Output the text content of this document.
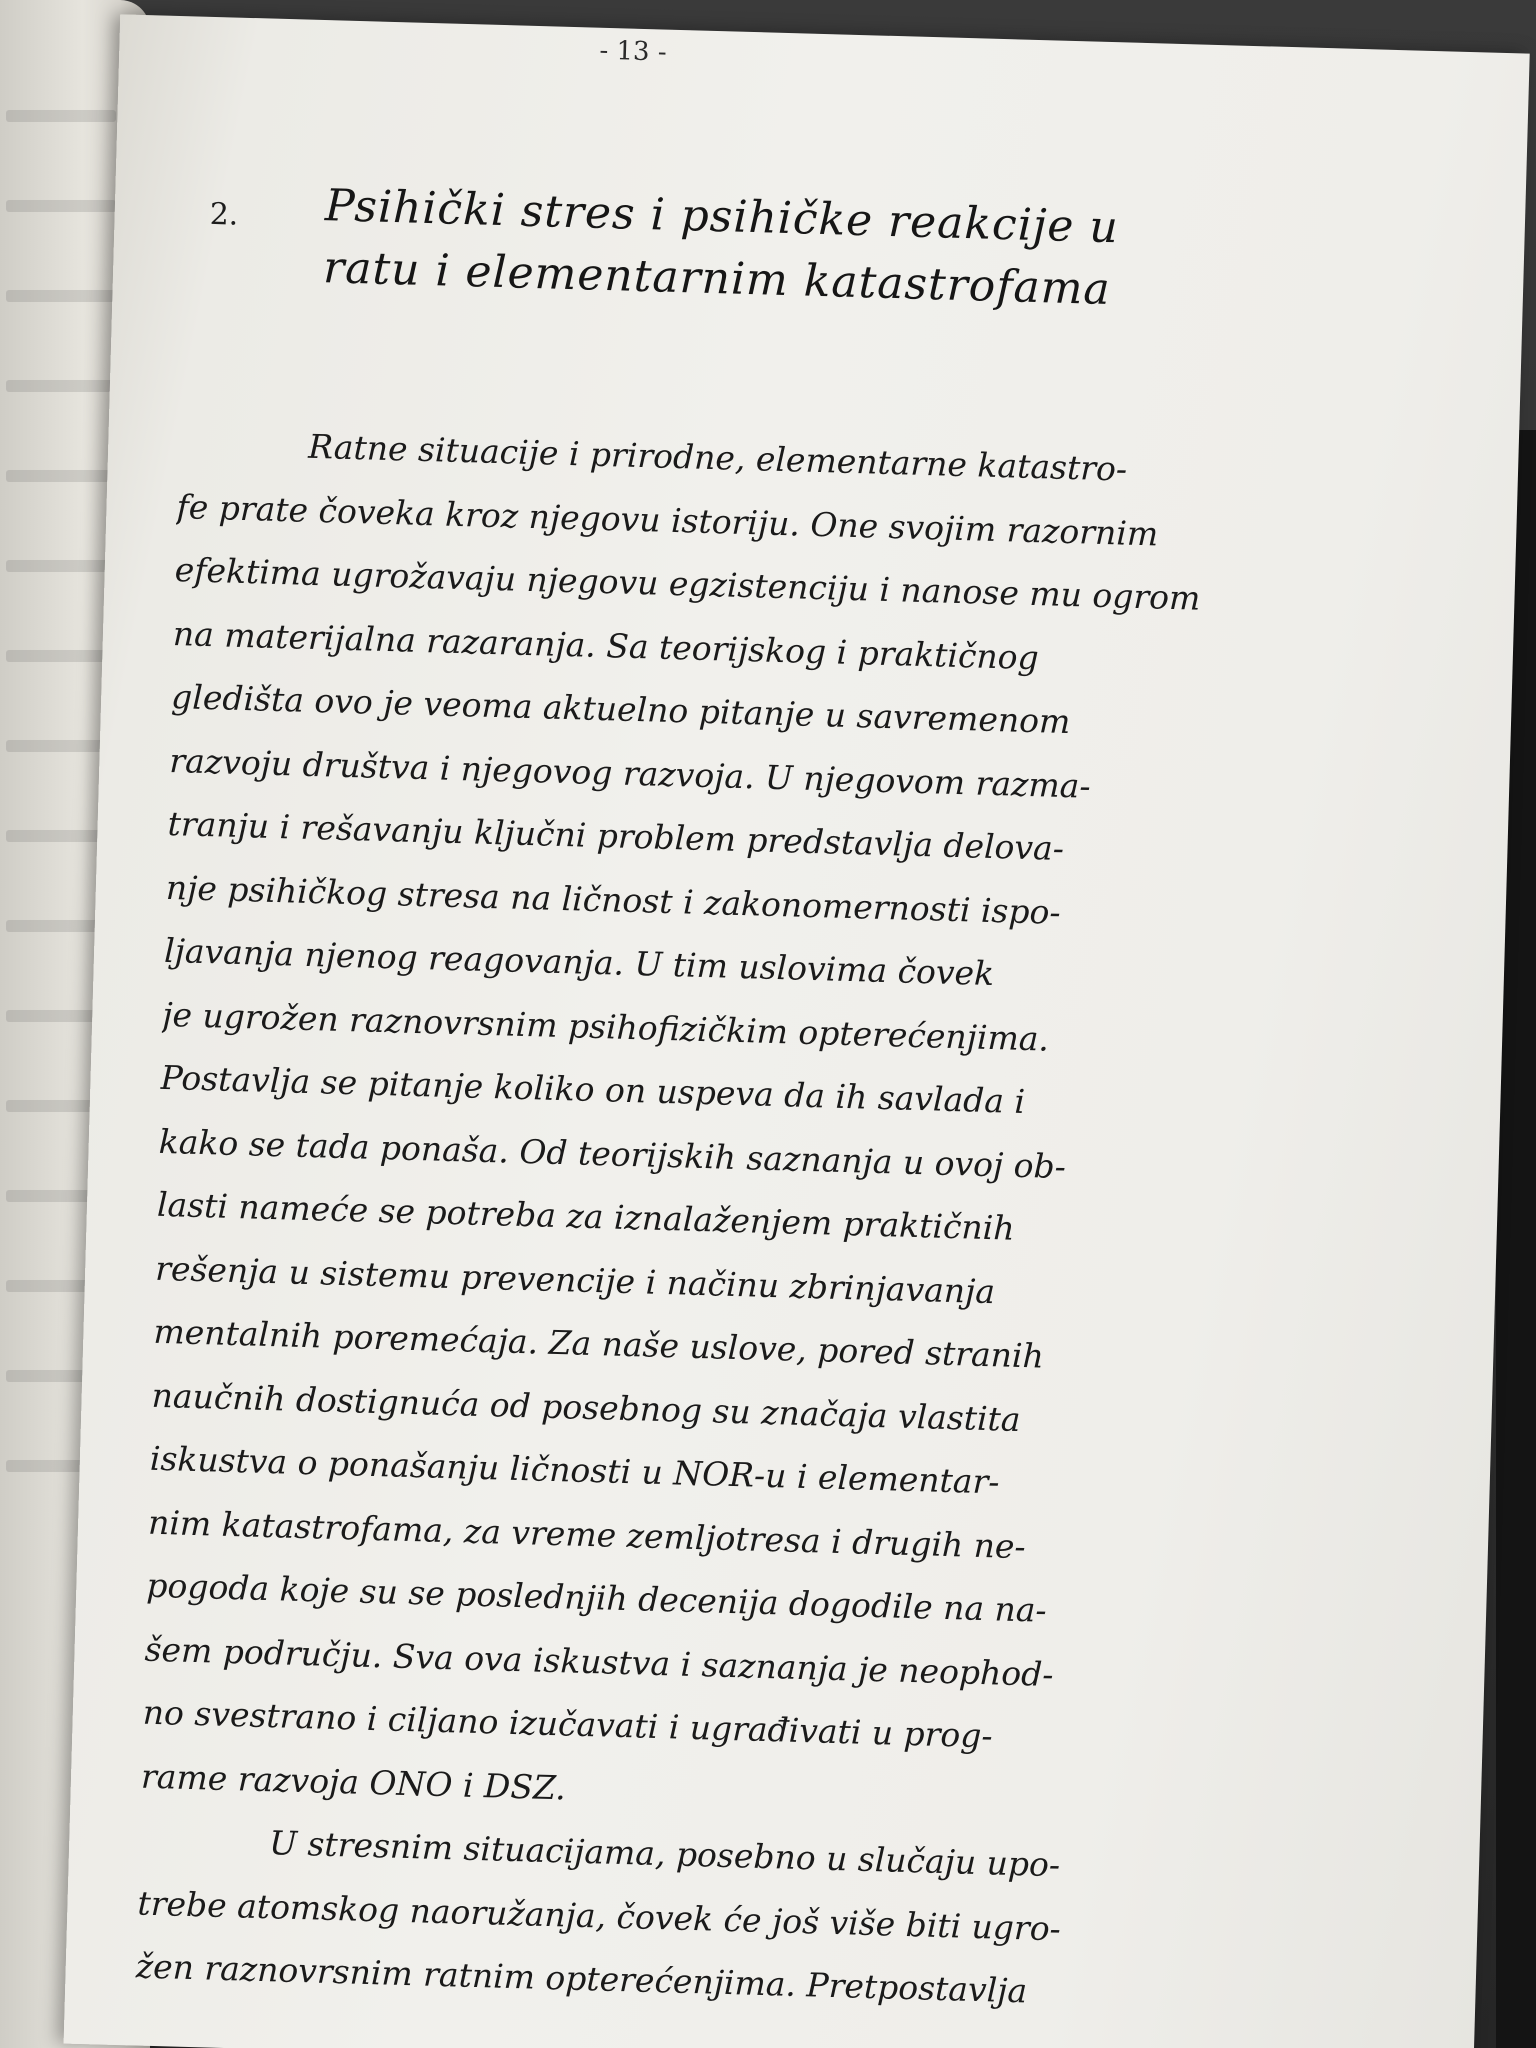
- 13 -
2. Psihički stres i psihičke reakcije u
ratu i elementarnim katastrofama
Ratne situacije i prirodne, elementarne katastro-
fe prate čoveka kroz njegovu istoriju. One svojim razornim
efektima ugrožavaju njegovu egzistenciju i nanose mu ogrom
na materijalna razaranja. Sa teorijskog i praktičnog
gledišta ovo je veoma aktuelno pitanje u savremenom
razvoju društva i njegovog razvoja. U njegovom razma-
tranju i rešavanju ključni problem predstavlja delova-
nje psihičkog stresa na ličnost i zakonomernosti ispo-
ljavanja njenog reagovanja. U tim uslovima čovek
je ugrožen raznovrsnim psihofizičkim opterećenjima.
Postavlja se pitanje koliko on uspeva da ih savlada i
kako se tada ponaša. Od teorijskih saznanja u ovoj ob-
lasti nameće se potreba za iznalaženjem praktičnih
rešenja u sistemu prevencije i načinu zbrinjavanja
mentalnih poremećaja. Za naše uslove, pored stranih
naučnih dostignuća od posebnog su značaja vlastita
iskustva o ponašanju ličnosti u NOR-u i elementar-
nim katastrofama, za vreme zemljotresa i drugih ne-
pogoda koje su se poslednjih decenija dogodile na na-
šem području. Sva ova iskustva i saznanja je neophod-
no svestrano i ciljano izučavati i ugrađivati u prog-
rame razvoja ONO i DSZ.
U stresnim situacijama, posebno u slučaju upo-
trebe atomskog naoružanja, čovek će još više biti ugro-
žen raznovrsnim ratnim opterećenjima. Pretpostavlja
